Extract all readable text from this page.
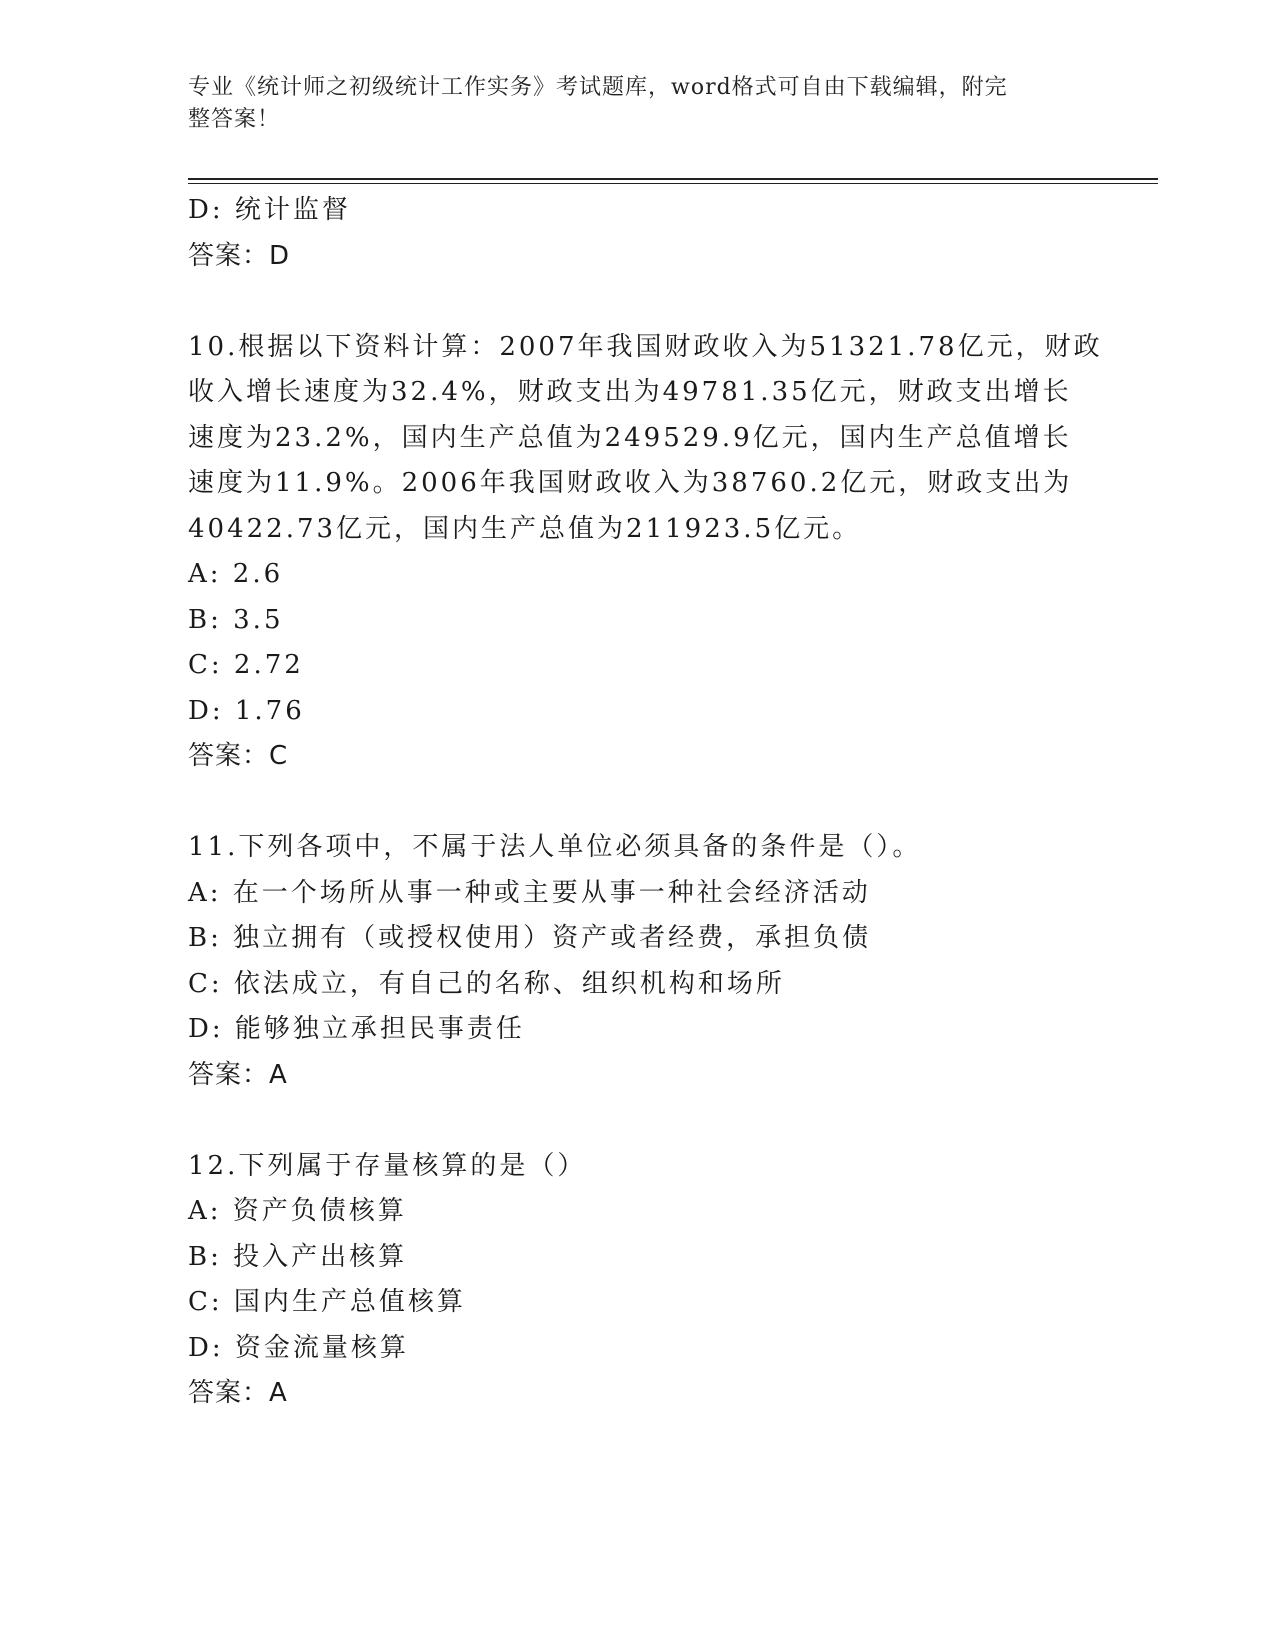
专业《统计师之初级统计工作实务》考试题库，word格式可自由下载编辑，附完
整答案！
D: 统计监督
答案：D
10.根据以下资料计算：2007年我国财政收入为51321.78亿元，财政
收入增长速度为32.4%，财政支出为49781.35亿元，财政支出增长
速度为23.2%，国内生产总值为249529.9亿元，国内生产总值增长
速度为11.9%。2006年我国财政收入为38760.2亿元，财政支出为
40422.73亿元，国内生产总值为211923.5亿元。
A: 2.6
B: 3.5
C: 2.72
D: 1.76
答案：C
11.下列各项中，不属于法人单位必须具备的条件是（）。
A: 在一个场所从事一种或主要从事一种社会经济活动
B: 独立拥有（或授权使用）资产或者经费，承担负债
C: 依法成立，有自己的名称、组织机构和场所
D: 能够独立承担民事责任
答案：A
12.下列属于存量核算的是（）
A: 资产负债核算
B: 投入产出核算
C: 国内生产总值核算
D: 资金流量核算
答案：A
